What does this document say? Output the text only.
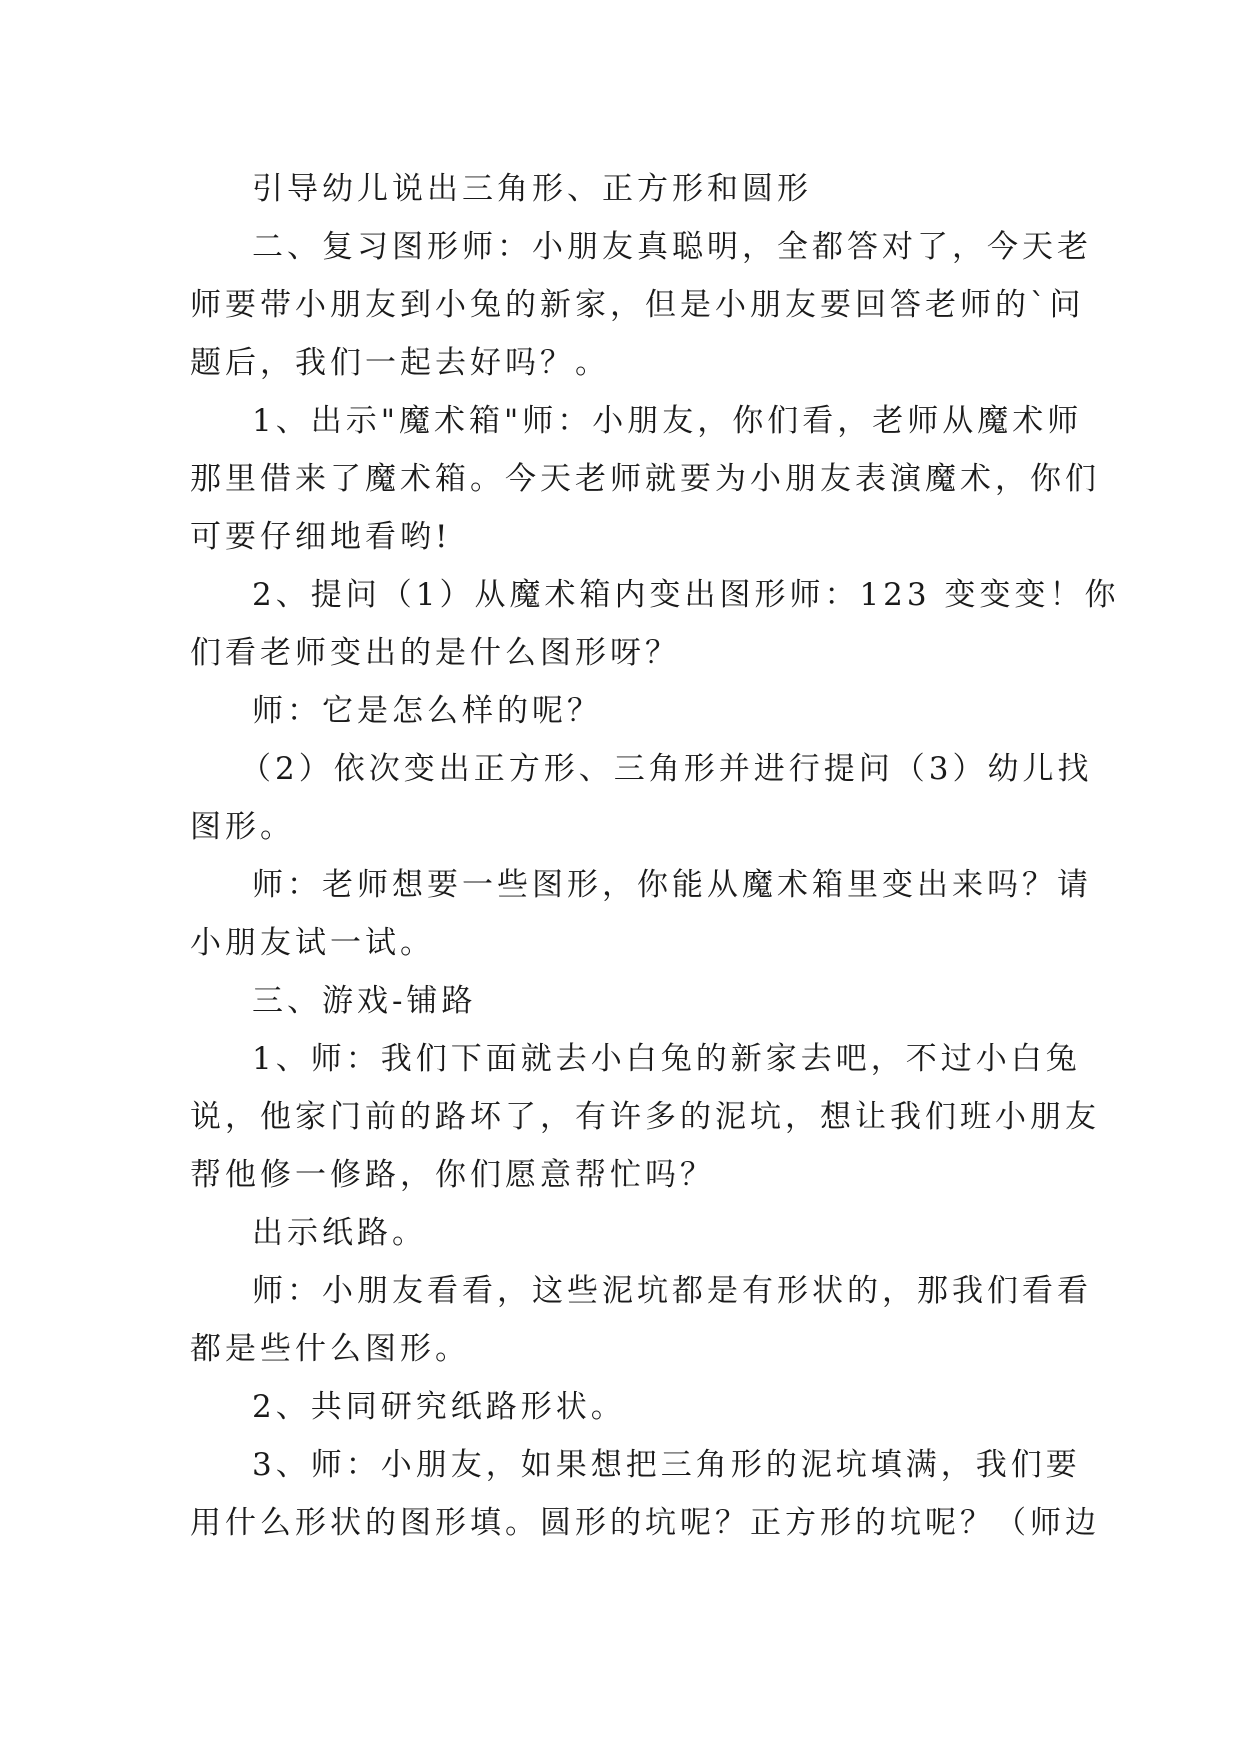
引导幼儿说出三角形、正方形和圆形
二、复习图形师：小朋友真聪明，全都答对了，今天老
师要带小朋友到小兔的新家，但是小朋友要回答老师的`问
题后，我们一起去好吗？。
1、出示"魔术箱"师：小朋友，你们看，老师从魔术师
那里借来了魔术箱。今天老师就要为小朋友表演魔术，你们
可要仔细地看哟!
2、提问（1）从魔术箱内变出图形师：123 变变变！你
们看老师变出的是什么图形呀？
师：它是怎么样的呢？
（2）依次变出正方形、三角形并进行提问（3）幼儿找
图形。
师：老师想要一些图形，你能从魔术箱里变出来吗？请
小朋友试一试。
三、游戏-铺路
1、师：我们下面就去小白兔的新家去吧，不过小白兔
说，他家门前的路坏了，有许多的泥坑，想让我们班小朋友
帮他修一修路，你们愿意帮忙吗？
出示纸路。
师：小朋友看看，这些泥坑都是有形状的，那我们看看
都是些什么图形。
2、共同研究纸路形状。
3、师：小朋友，如果想把三角形的泥坑填满，我们要
用什么形状的图形填。圆形的坑呢？正方形的坑呢？（师边
